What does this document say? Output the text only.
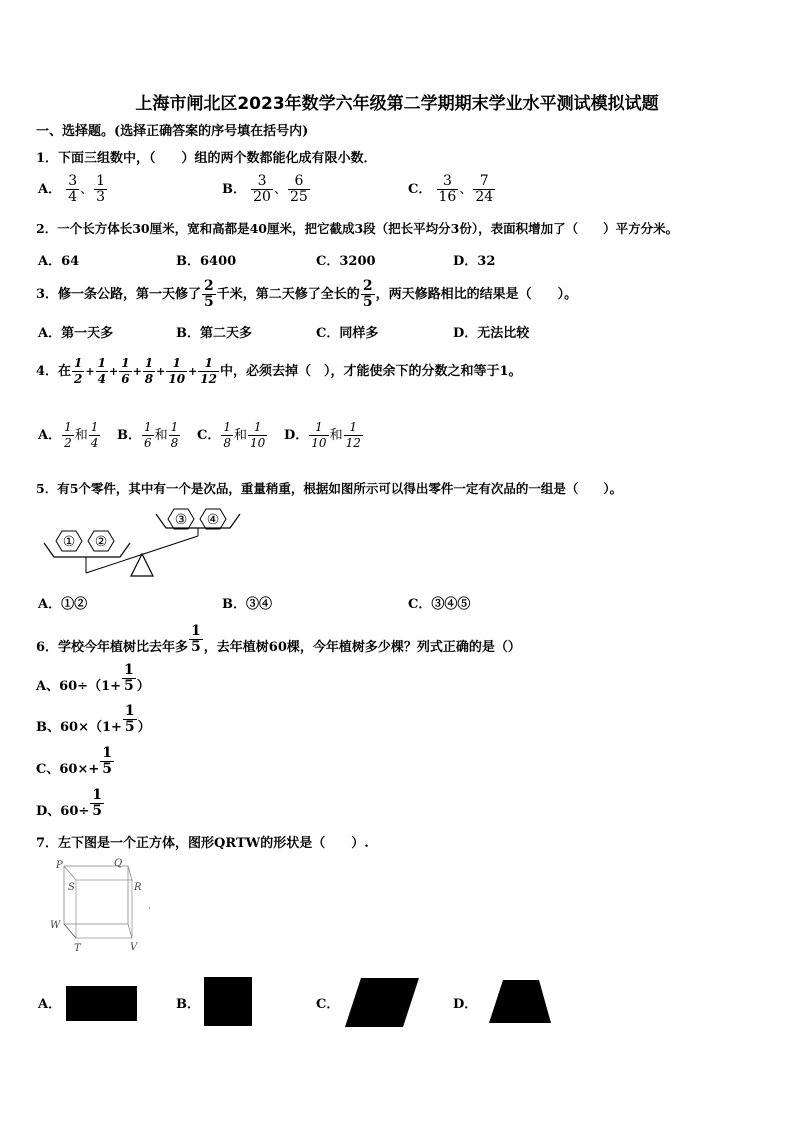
上海市闸北区2023年数学六年级第二学期期末学业水平测试模拟试题
一、选择题。(选择正确答案的序号填在括号内)
1．下面三组数中，（　　）组的两个数都能化成有限小数．
A． $\frac{3}{4}$ 、 $\frac{1}{3}$	B． $\frac{3}{20}$ 、 $\frac{6}{25}$	C． $\frac{3}{16}$ 、 $\frac{7}{24}$
2．一个长方体长30厘米，宽和高都是40厘米，把它截成3段（把长平均分3份），表面积增加了（　　）平方分米。
A．64	B．6400	C．3200	D．32
3．修一条公路，第一天修了 $\frac{2}{5}$ 千米，第二天修了全长的 $\frac{2}{5}$ ，两天修路相比的结果是（　　）。
A．第一天多	B．第二天多	C．同样多	D．无法比较
4．在 $\frac{1}{2} + \frac{1}{4} + \frac{1}{6} + \frac{1}{8} + \frac{1}{10} + \frac{1}{12}$ 中，必须去掉（　），才能使余下的分数之和等于1。
A． $\frac{1}{2}$ 和 $\frac{1}{4}$ B． $\frac{1}{6}$ 和 $\frac{1}{8}$ C． $\frac{1}{8}$ 和 $\frac{1}{10}$ D． $\frac{1}{10}$ 和 $\frac{1}{12}$
5．有5个零件，其中有一个是次品，重量稍重，根据如图所示可以得出零件一定有次品的一组是（　　）。
① ②
③ ④
A．①②	B．③④	C．③④⑤
6．学校今年植树比去年多 $\frac{1}{5}$ ，去年植树60棵，今年植树多少棵？列式正确的是（）
A、$60\div(1+ \frac{1}{5}$ ）
B、$60\times(1+ \frac{1}{5}$ ）
C、$60\times+ \frac{1}{5}$
D、$60\div \frac{1}{5}$
7．左下图是一个正方体，图形QRTW的形状是（　　）.
P	Q
R
S
W
T	V
,
A．	B．	C．	D．
